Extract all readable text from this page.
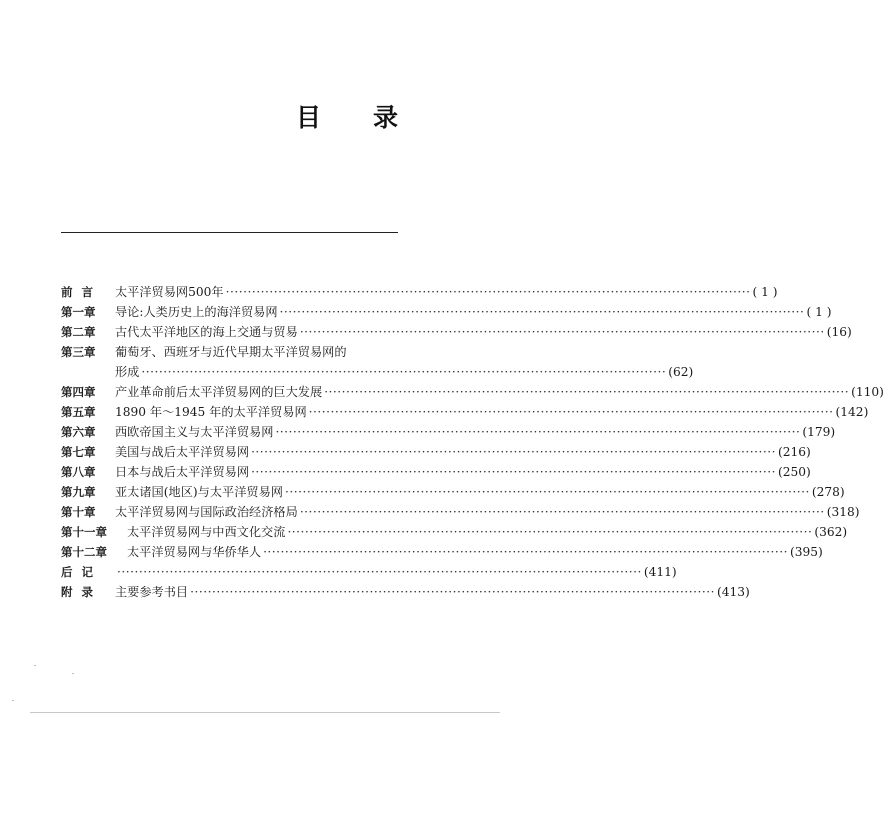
目 录
前言 太平洋贸易网500年 ························································································································ ( 1 )
第一章 导论:人类历史上的海洋贸易网 ························································································································ ( 1 )
第二章 古代太平洋地区的海上交通与贸易 ························································································································ (16)
第三章 葡萄牙、西班牙与近代早期太平洋贸易网的
形成 ························································································································ (62)
第四章 产业革命前后太平洋贸易网的巨大发展 ························································································································ (110)
第五章 1890 年～1945 年的太平洋贸易网 ························································································································ (142)
第六章 西欧帝国主义与太平洋贸易网 ························································································································ (179)
第七章 美国与战后太平洋贸易网 ························································································································ (216)
第八章 日本与战后太平洋贸易网 ························································································································ (250)
第九章 亚太诸国(地区)与太平洋贸易网 ························································································································ (278)
第十章 太平洋贸易网与国际政治经济格局 ························································································································ (318)
第十一章 太平洋贸易网与中西文化交流 ························································································································ (362)
第十二章 太平洋贸易网与华侨华人 ························································································································ (395)
后记 ························································································································ (411)
附录 主要参考书目 ························································································································ (413)
